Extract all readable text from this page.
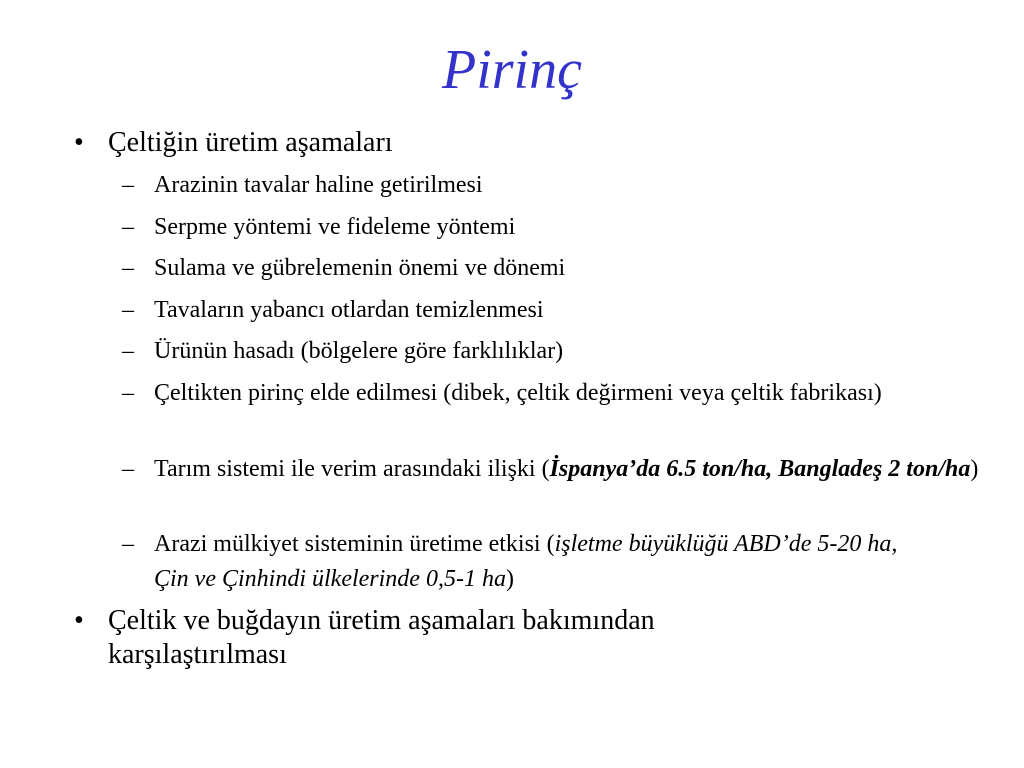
Pirinç
• Çeltiğin üretim aşamaları
– Arazinin tavalar haline getirilmesi
– Serpme yöntemi ve fideleme yöntemi
– Sulama ve gübrelemenin önemi ve dönemi
– Tavaların yabancı otlardan temizlenmesi
– Ürünün hasadı (bölgelere göre farklılıklar)
– Çeltikten pirinç elde edilmesi (dibek, çeltik değirmeni veya çeltik fabrikası)
– Tarım sistemi ile verim arasındaki ilişki (İspanya’da 6.5 ton/ha, Bangladeş 2 ton/ha)
– Arazi mülkiyet sisteminin üretime etkisi (işletme büyüklüğü ABD’de 5-20 ha, Çin ve Çinhindi ülkelerinde 0,5-1 ha)
• Çeltik ve buğdayın üretim aşamaları bakımından karşılaştırılması
